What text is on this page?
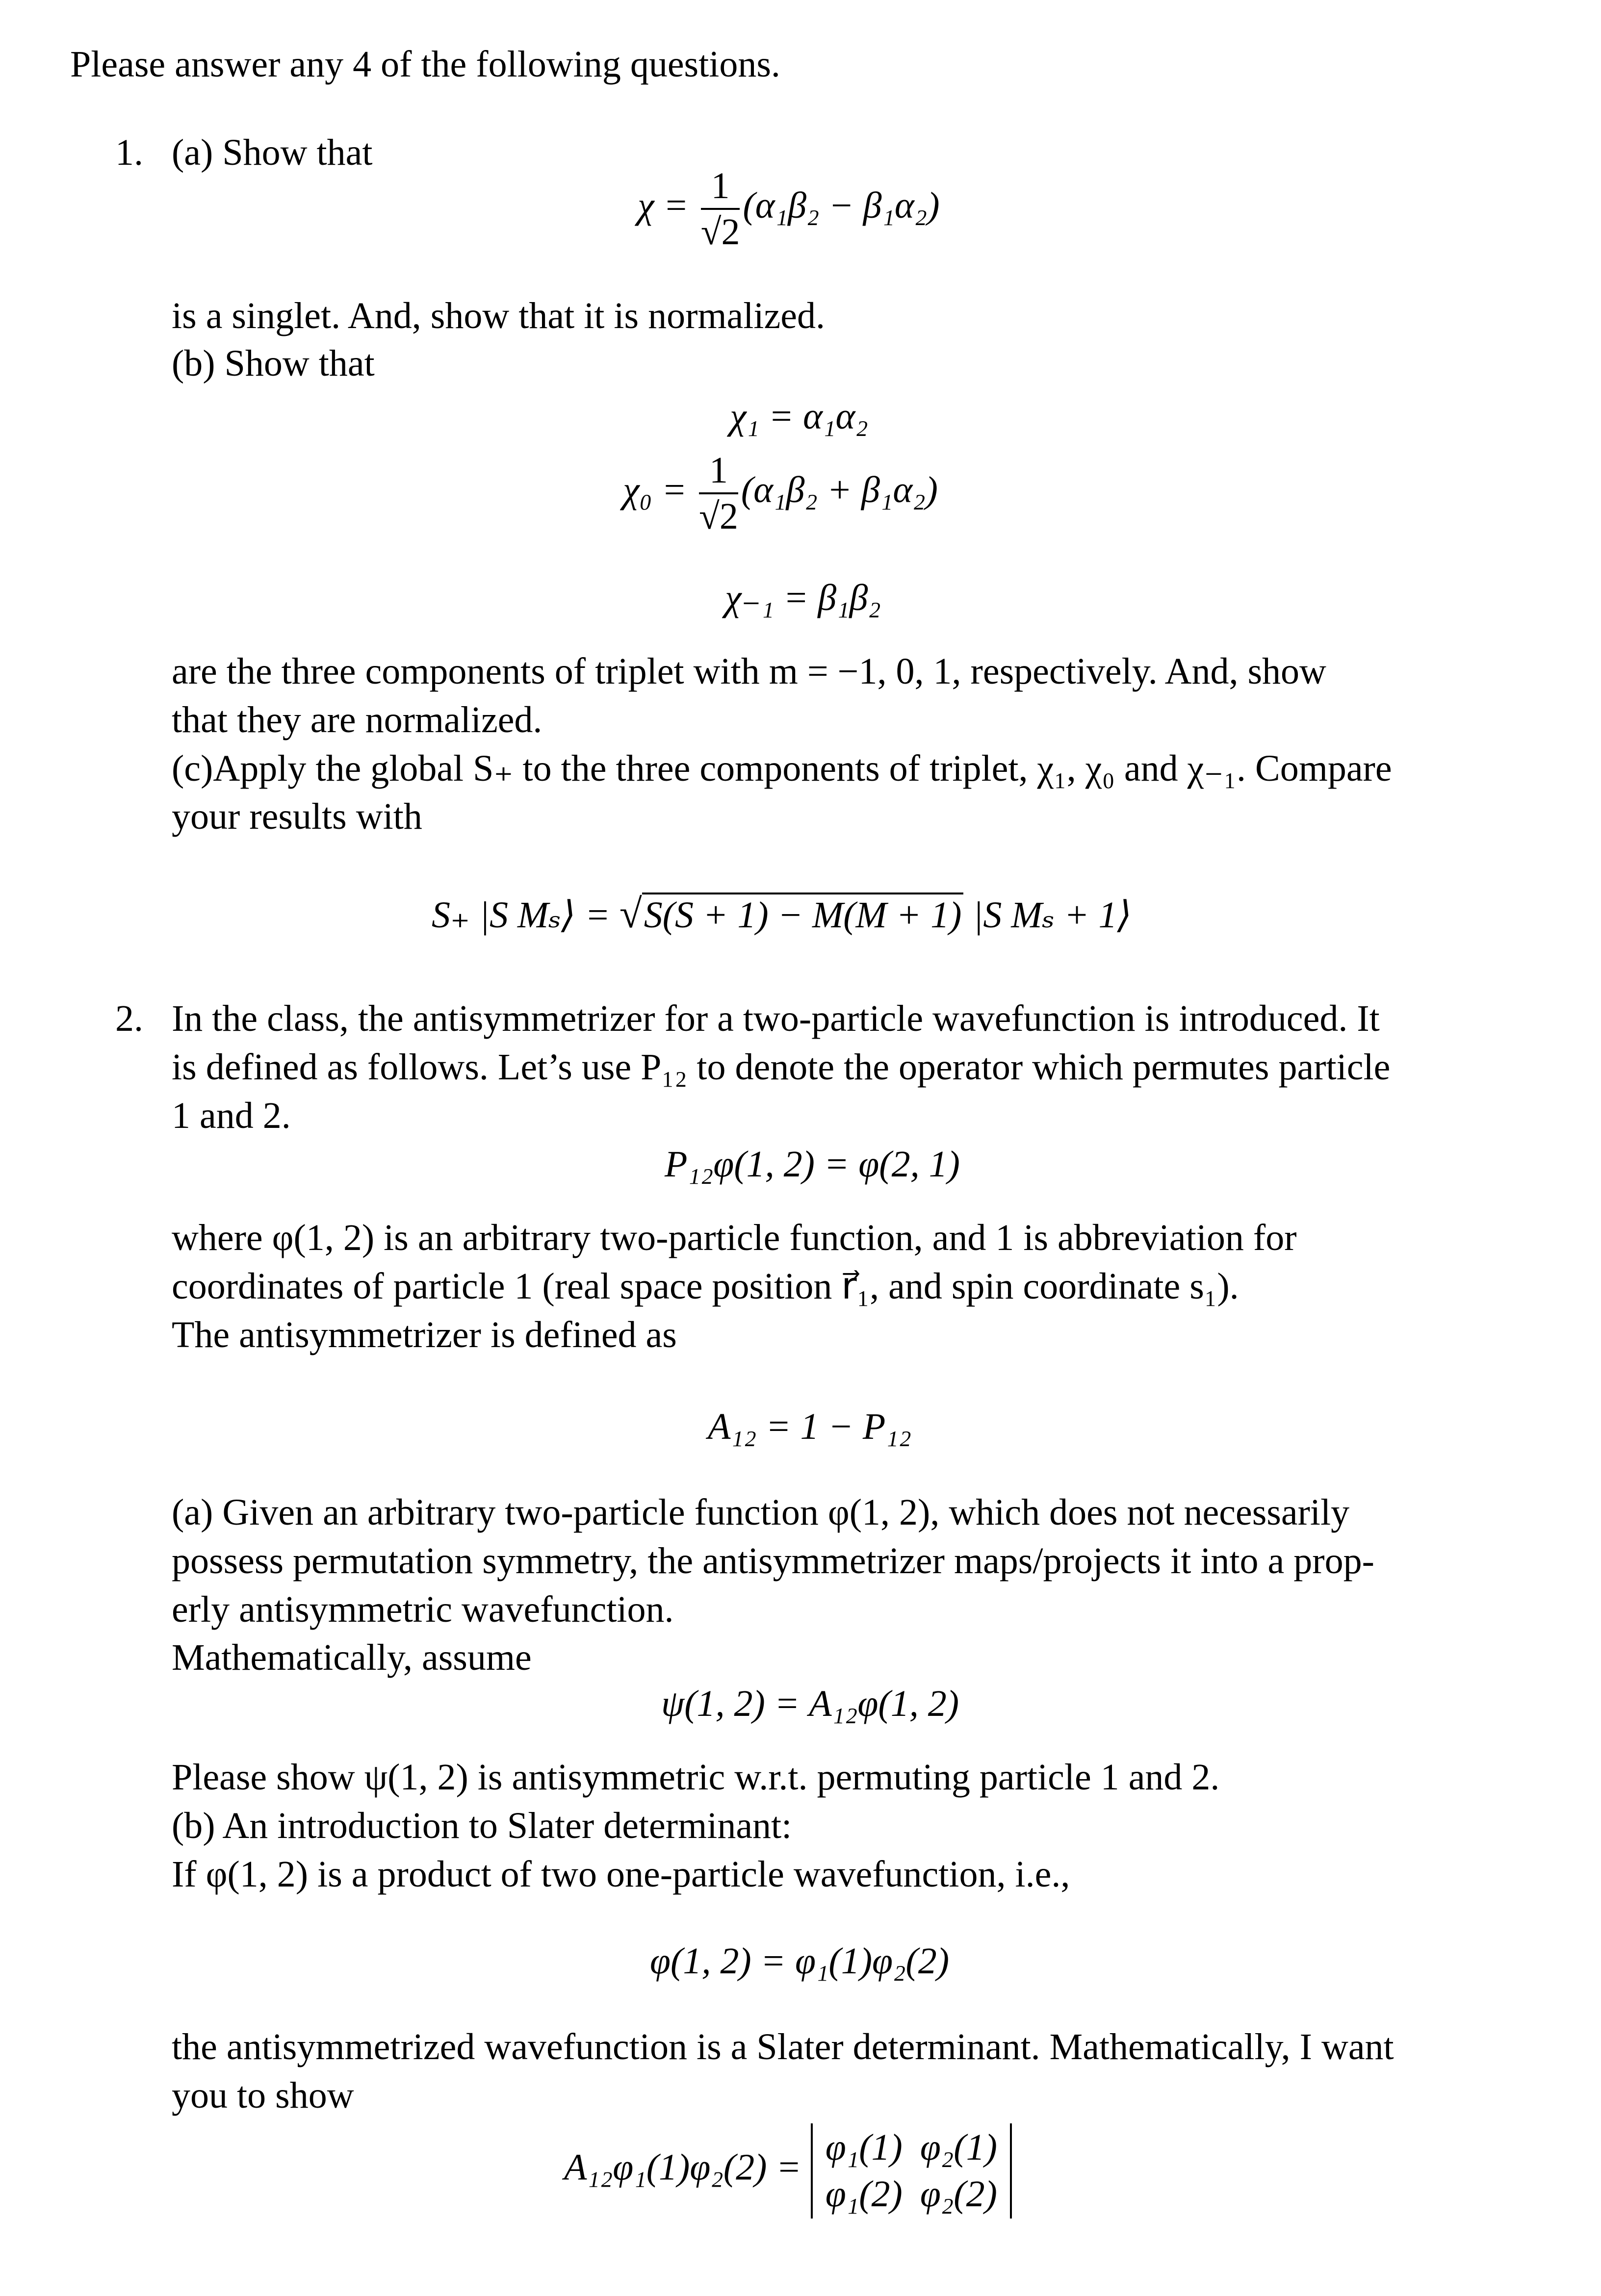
Please answer any 4 of the following questions.
1. (a) Show that
$\chi = \frac{1}{√2} (\alpha_1\beta_2 - \beta_1\alpha_2)$
is a singlet. And, show that it is normalized.
(b) Show that
χ₁ = α₁α₂
$\chi_0 = \frac{1}{√2} (\alpha_1\beta_2 + \beta_1\alpha_2)$
χ₋₁ = β₁β₂
are the three components of triplet with m = −1, 0, 1, respectively. And, show
that they are normalized.
(c)Apply the global S₊ to the three components of triplet, χ₁, χ₀ and χ₋₁. Compare
your results with
S₊ |S Mₛ⟩ = √S(S + 1) − M(M + 1) |S Mₛ + 1⟩
2. In the class, the antisymmetrizer for a two-particle wavefunction is introduced. It
is defined as follows. Let’s use P₁₂ to denote the operator which permutes particle
1 and 2.
P₁₂φ(1, 2) = φ(2, 1)
where φ(1, 2) is an arbitrary two-particle function, and 1 is abbreviation for
coordinates of particle 1 (real space position r⃗₁, and spin coordinate s₁).
The antisymmetrizer is defined as
A₁₂ = 1 − P₁₂
(a) Given an arbitrary two-particle function φ(1, 2), which does not necessarily
possess permutation symmetry, the antisymmetrizer maps/projects it into a prop-
erly antisymmetric wavefunction.
Mathematically, assume
ψ(1, 2) = A₁₂φ(1, 2)
Please show ψ(1, 2) is antisymmetric w.r.t. permuting particle 1 and 2.
(b) An introduction to Slater determinant:
If φ(1, 2) is a product of two one-particle wavefunction, i.e.,
φ(1, 2) = φ₁(1)φ₂(2)
the antisymmetrized wavefunction is a Slater determinant. Mathematically, I want
you to show
A₁₂φ₁(1)φ₂(2) = φ₁(1)	φ₂(1)
φ₁(2)	φ₂(2)
